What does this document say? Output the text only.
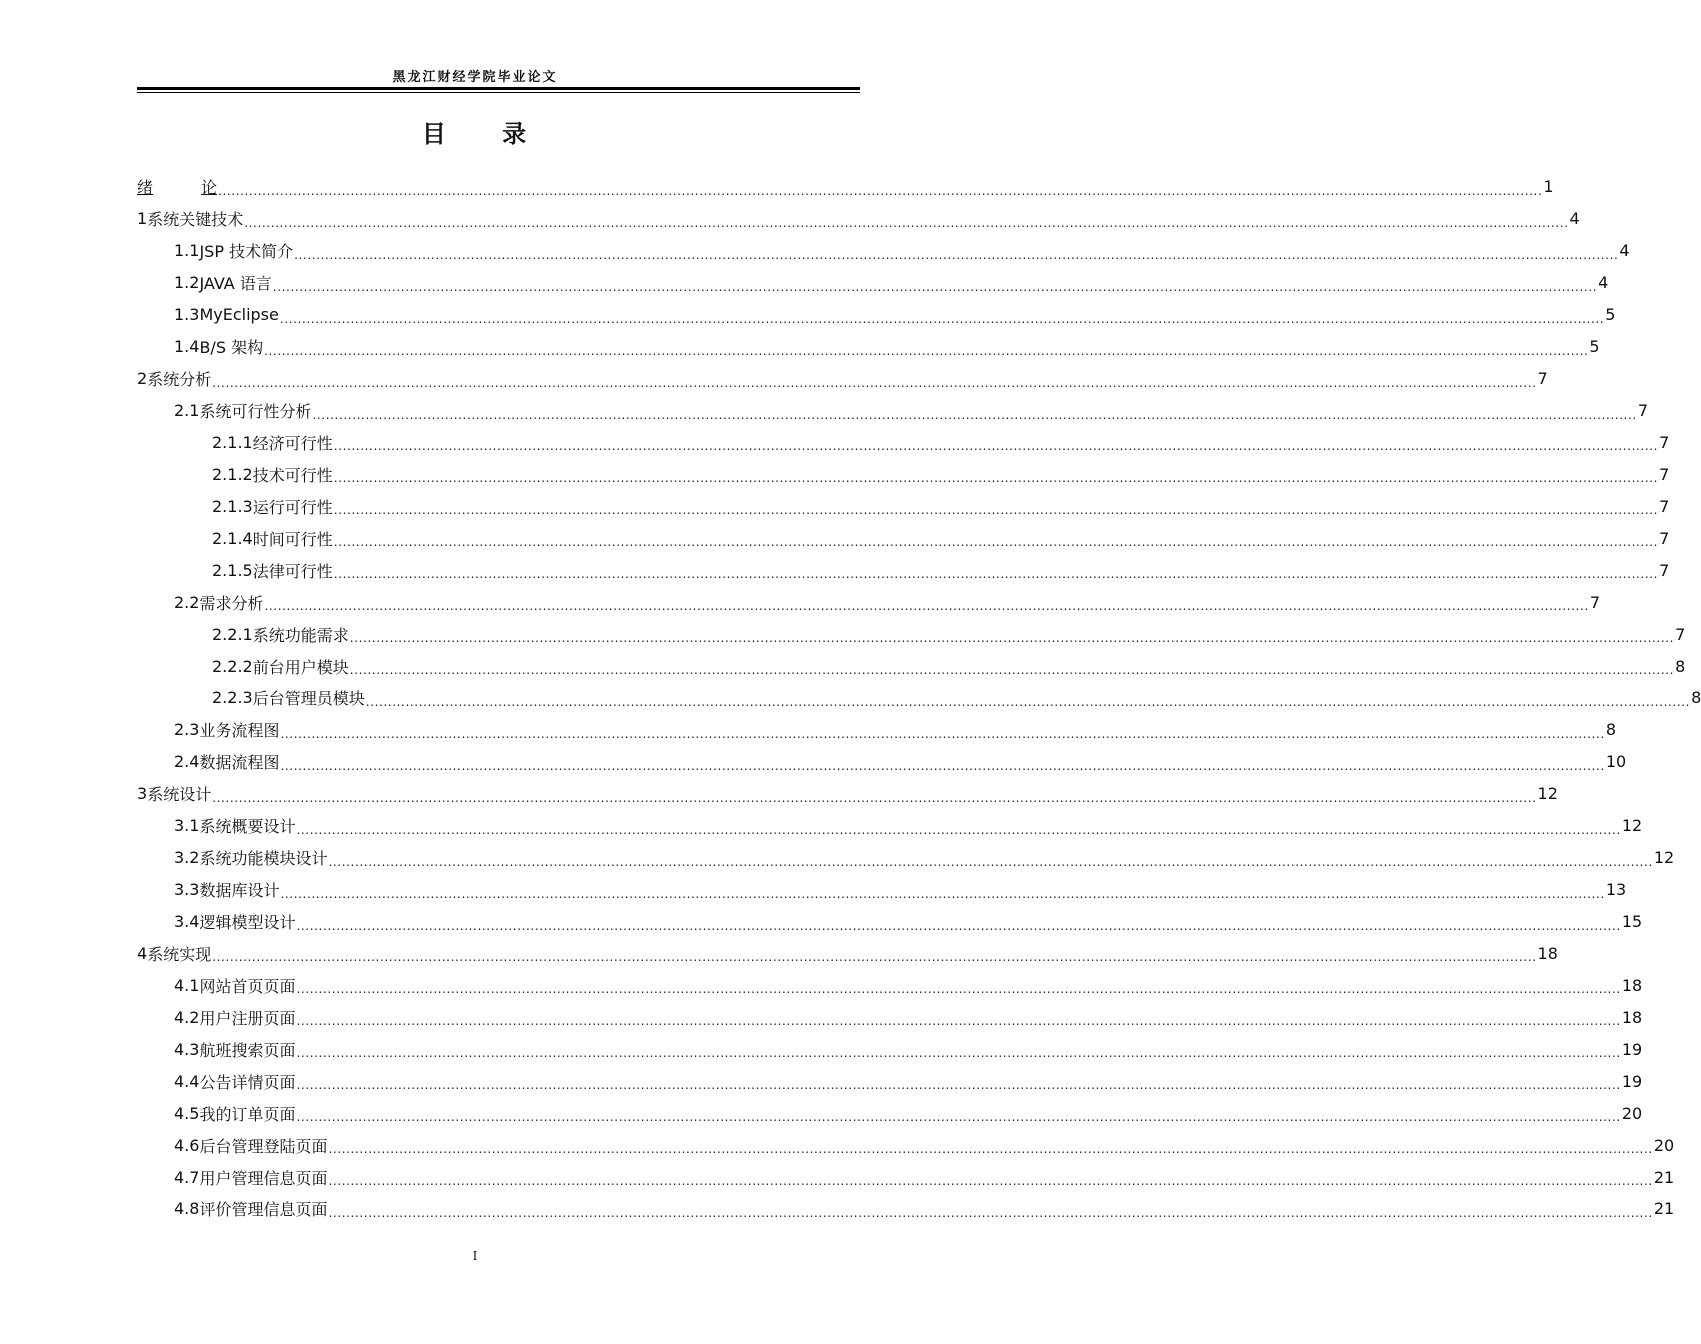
黑龙江财经学院毕业论文
目 录
绪	论 ............................................................................................................................................................................................................................................................................................................ 1
1 系统关键技术 ............................................................................................................................................................................................................................................................................................................ 4
1.1 JSP 技术简介 ............................................................................................................................................................................................................................................................................................................ 4
1.2 JAVA 语言 ............................................................................................................................................................................................................................................................................................................ 4
1.3 MyEclipse ............................................................................................................................................................................................................................................................................................................ 5
1.4 B/S 架构 ............................................................................................................................................................................................................................................................................................................ 5
2 系统分析 ............................................................................................................................................................................................................................................................................................................ 7
2.1 系统可行性分析 ............................................................................................................................................................................................................................................................................................................ 7
2.1.1 经济可行性 ............................................................................................................................................................................................................................................................................................................ 7
2.1.2 技术可行性 ............................................................................................................................................................................................................................................................................................................ 7
2.1.3 运行可行性 ............................................................................................................................................................................................................................................................................................................ 7
2.1.4 时间可行性 ............................................................................................................................................................................................................................................................................................................ 7
2.1.5 法律可行性 ............................................................................................................................................................................................................................................................................................................ 7
2.2 需求分析 ............................................................................................................................................................................................................................................................................................................ 7
2.2.1 系统功能需求 ............................................................................................................................................................................................................................................................................................................ 7
2.2.2 前台用户模块 ............................................................................................................................................................................................................................................................................................................ 8
2.2.3 后台管理员模块 ............................................................................................................................................................................................................................................................................................................ 8
2.3 业务流程图 ............................................................................................................................................................................................................................................................................................................ 8
2.4 数据流程图 ............................................................................................................................................................................................................................................................................................................ 10
3 系统设计 ............................................................................................................................................................................................................................................................................................................ 12
3.1 系统概要设计 ............................................................................................................................................................................................................................................................................................................ 12
3.2 系统功能模块设计 ............................................................................................................................................................................................................................................................................................................ 12
3.3 数据库设计 ............................................................................................................................................................................................................................................................................................................ 13
3.4 逻辑模型设计 ............................................................................................................................................................................................................................................................................................................ 15
4 系统实现 ............................................................................................................................................................................................................................................................................................................ 18
4.1 网站首页页面 ............................................................................................................................................................................................................................................................................................................ 18
4.2 用户注册页面 ............................................................................................................................................................................................................................................................................................................ 18
4.3 航班搜索页面 ............................................................................................................................................................................................................................................................................................................ 19
4.4 公告详情页面 ............................................................................................................................................................................................................................................................................................................ 19
4.5 我的订单页面 ............................................................................................................................................................................................................................................................................................................ 20
4.6 后台管理登陆页面 ............................................................................................................................................................................................................................................................................................................ 20
4.7 用户管理信息页面 ............................................................................................................................................................................................................................................................................................................ 21
4.8 评价管理信息页面 ............................................................................................................................................................................................................................................................................................................ 21
I
